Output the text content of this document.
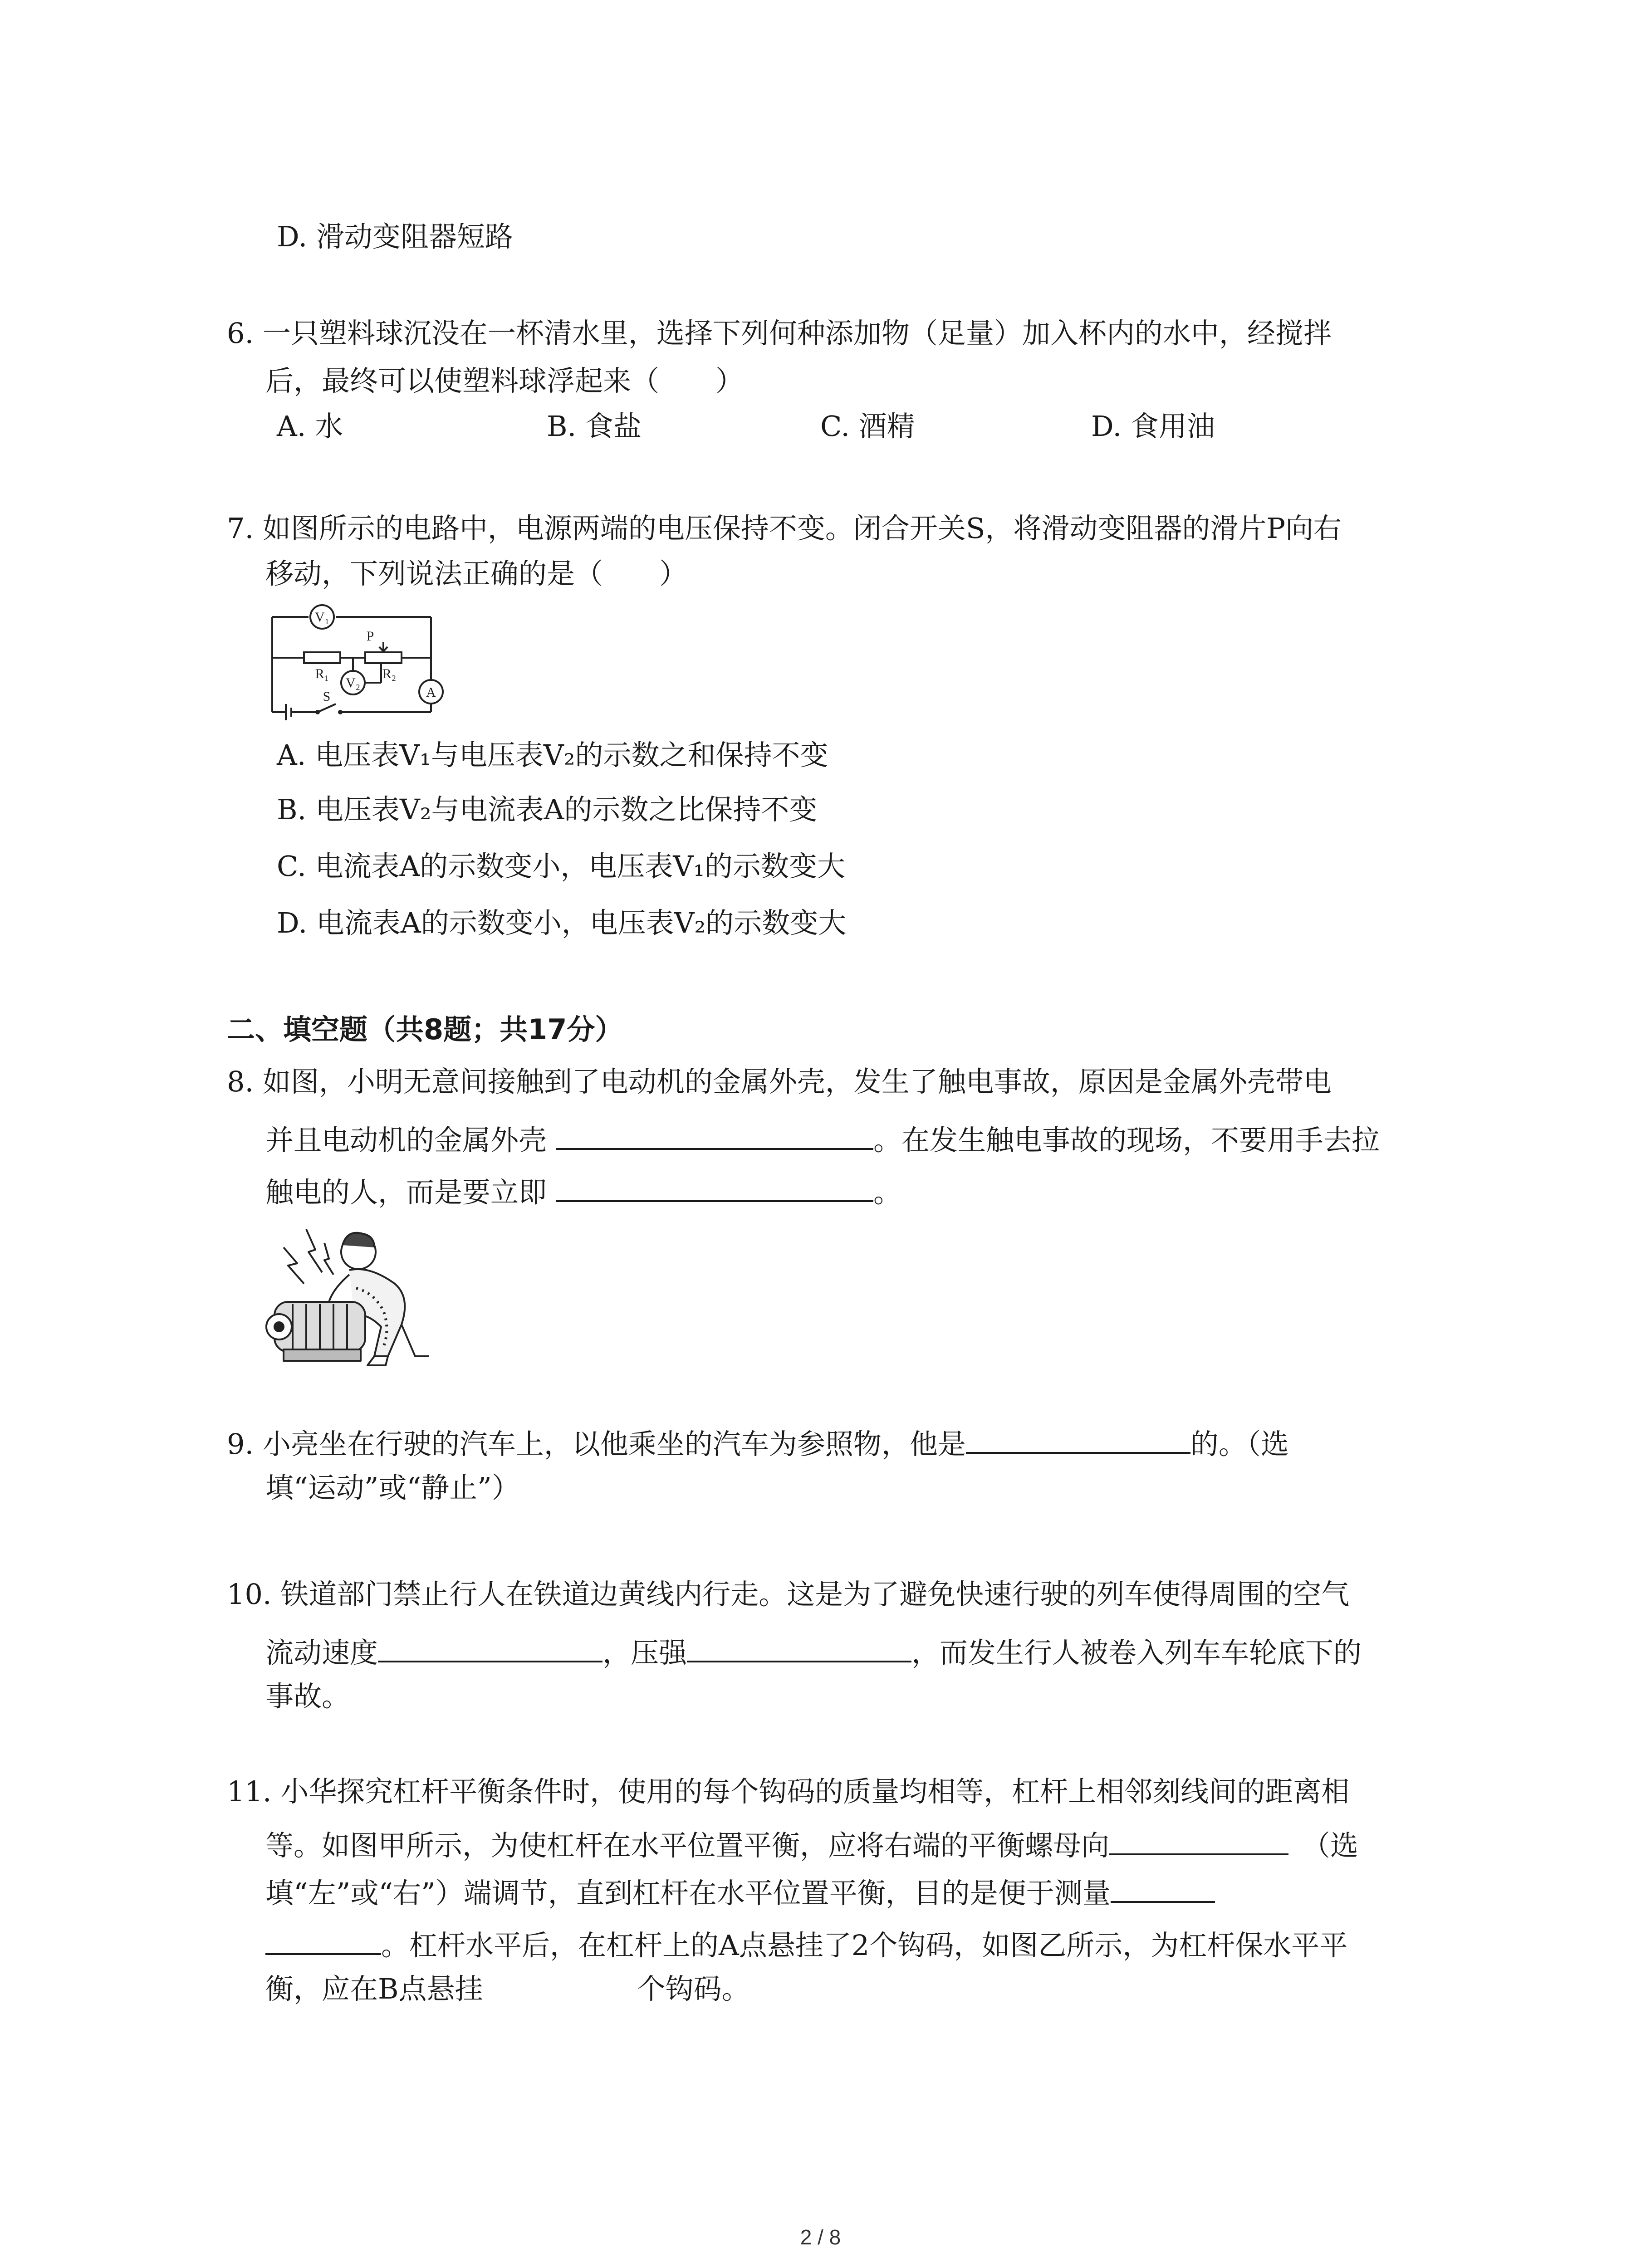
D. 滑动变阻器短路
6. 一只塑料球沉没在一杯清水里，选择下列何种添加物（足量）加入杯内的水中，经搅拌
后，最终可以使塑料球浮起来（　　）
A. 水	B. 食盐	C. 酒精	D. 食用油
7. 如图所示的电路中，电源两端的电压保持不变。闭合开关S，将滑动变阻器的滑片P向右
移动，下列说法正确的是（　　）
V₁
V₂
A
P
R₁	R₂
S
A. 电压表V₁与电压表V₂的示数之和保持不变
B. 电压表V₂与电流表A的示数之比保持不变
C. 电流表A的示数变小，电压表V₁的示数变大
D. 电流表A的示数变小，电压表V₂的示数变大
二、填空题（共8题；共17分）
8. 如图，小明无意间接触到了电动机的金属外壳，发生了触电事故，原因是金属外壳带电
并且电动机的金属外壳	。在发生触电事故的现场，不要用手去拉
触电的人，而是要立即	。
9. 小亮坐在行驶的汽车上，以他乘坐的汽车为参照物，他是	的。（选
填“运动”或“静止”）
10. 铁道部门禁止行人在铁道边黄线内行走。这是为了避免快速行驶的列车使得周围的空气
流动速度	，压强	，而发生行人被卷入列车车轮底下的
事故。
11. 小华探究杠杆平衡条件时，使用的每个钩码的质量均相等，杠杆上相邻刻线间的距离相
等。如图甲所示，为使杠杆在水平位置平衡，应将右端的平衡螺母向	（选
填“左”或“右”）端调节，直到杠杆在水平位置平衡，目的是便于测量
。杠杆水平后，在杠杆上的A点悬挂了2个钩码，如图乙所示，为杠杆保水平平
衡，应在B点悬挂	个钩码。
2 / 8
